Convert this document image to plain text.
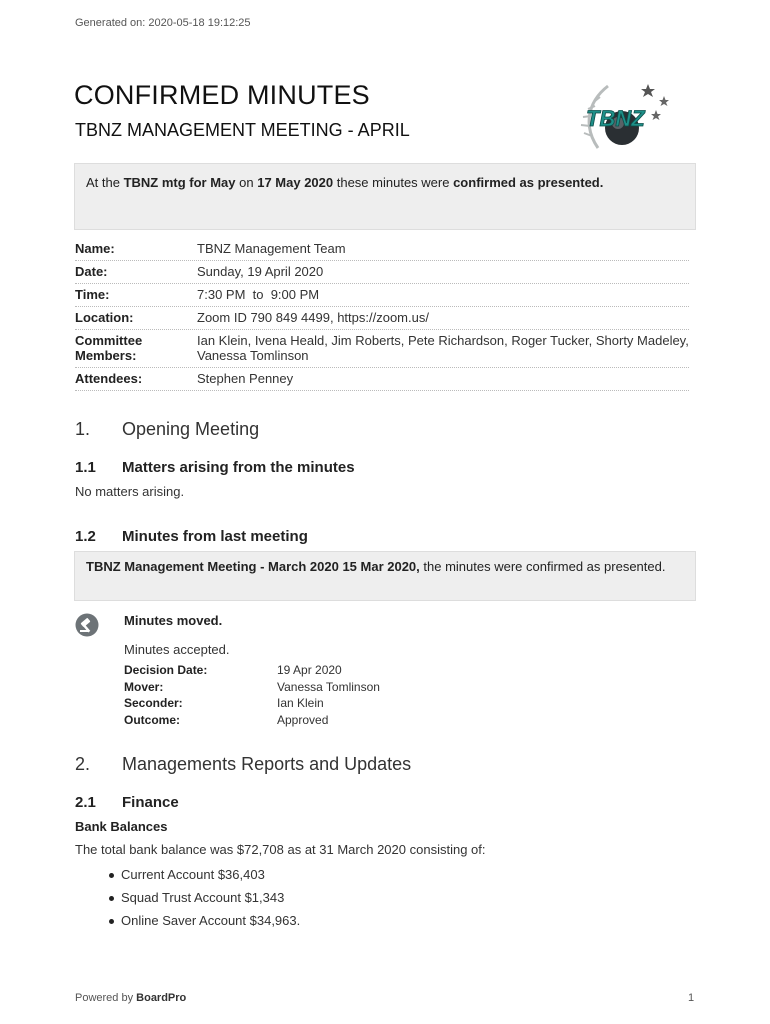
Generated on: 2020-05-18 19:12:25
CONFIRMED MINUTES
TBNZ MANAGEMENT MEETING - APRIL	TBNZ
At the TBNZ mtg for May on 17 May 2020 these minutes were confirmed as presented.
Name:	TBNZ Management Team
Date:	Sunday, 19 April 2020
Time:	7:30 PM  to  9:00 PM
Location:	Zoom ID 790 849 4499, https://zoom.us/
Committee Members:
Ian Klein, Ivena Heald, Jim Roberts, Pete Richardson, Roger Tucker, Shorty Madeley, Vanessa Tomlinson
Attendees:	Stephen Penney
1. Opening Meeting
1.1 Matters arising from the minutes
No matters arising.
1.2 Minutes from last meeting
TBNZ Management Meeting - March 2020 15 Mar 2020, the minutes were confirmed as presented.
Minutes moved.
Minutes accepted.
Decision Date:	19 Apr 2020
Mover:	Vanessa Tomlinson
Seconder:	Ian Klein
Outcome:	Approved
2. Managements Reports and Updates
2.1 Finance
Bank Balances
The total bank balance was $72,708 as at 31 March 2020 consisting of:
Current Account $36,403
Squad Trust Account $1,343
Online Saver Account $34,963.
Powered by BoardPro	1
